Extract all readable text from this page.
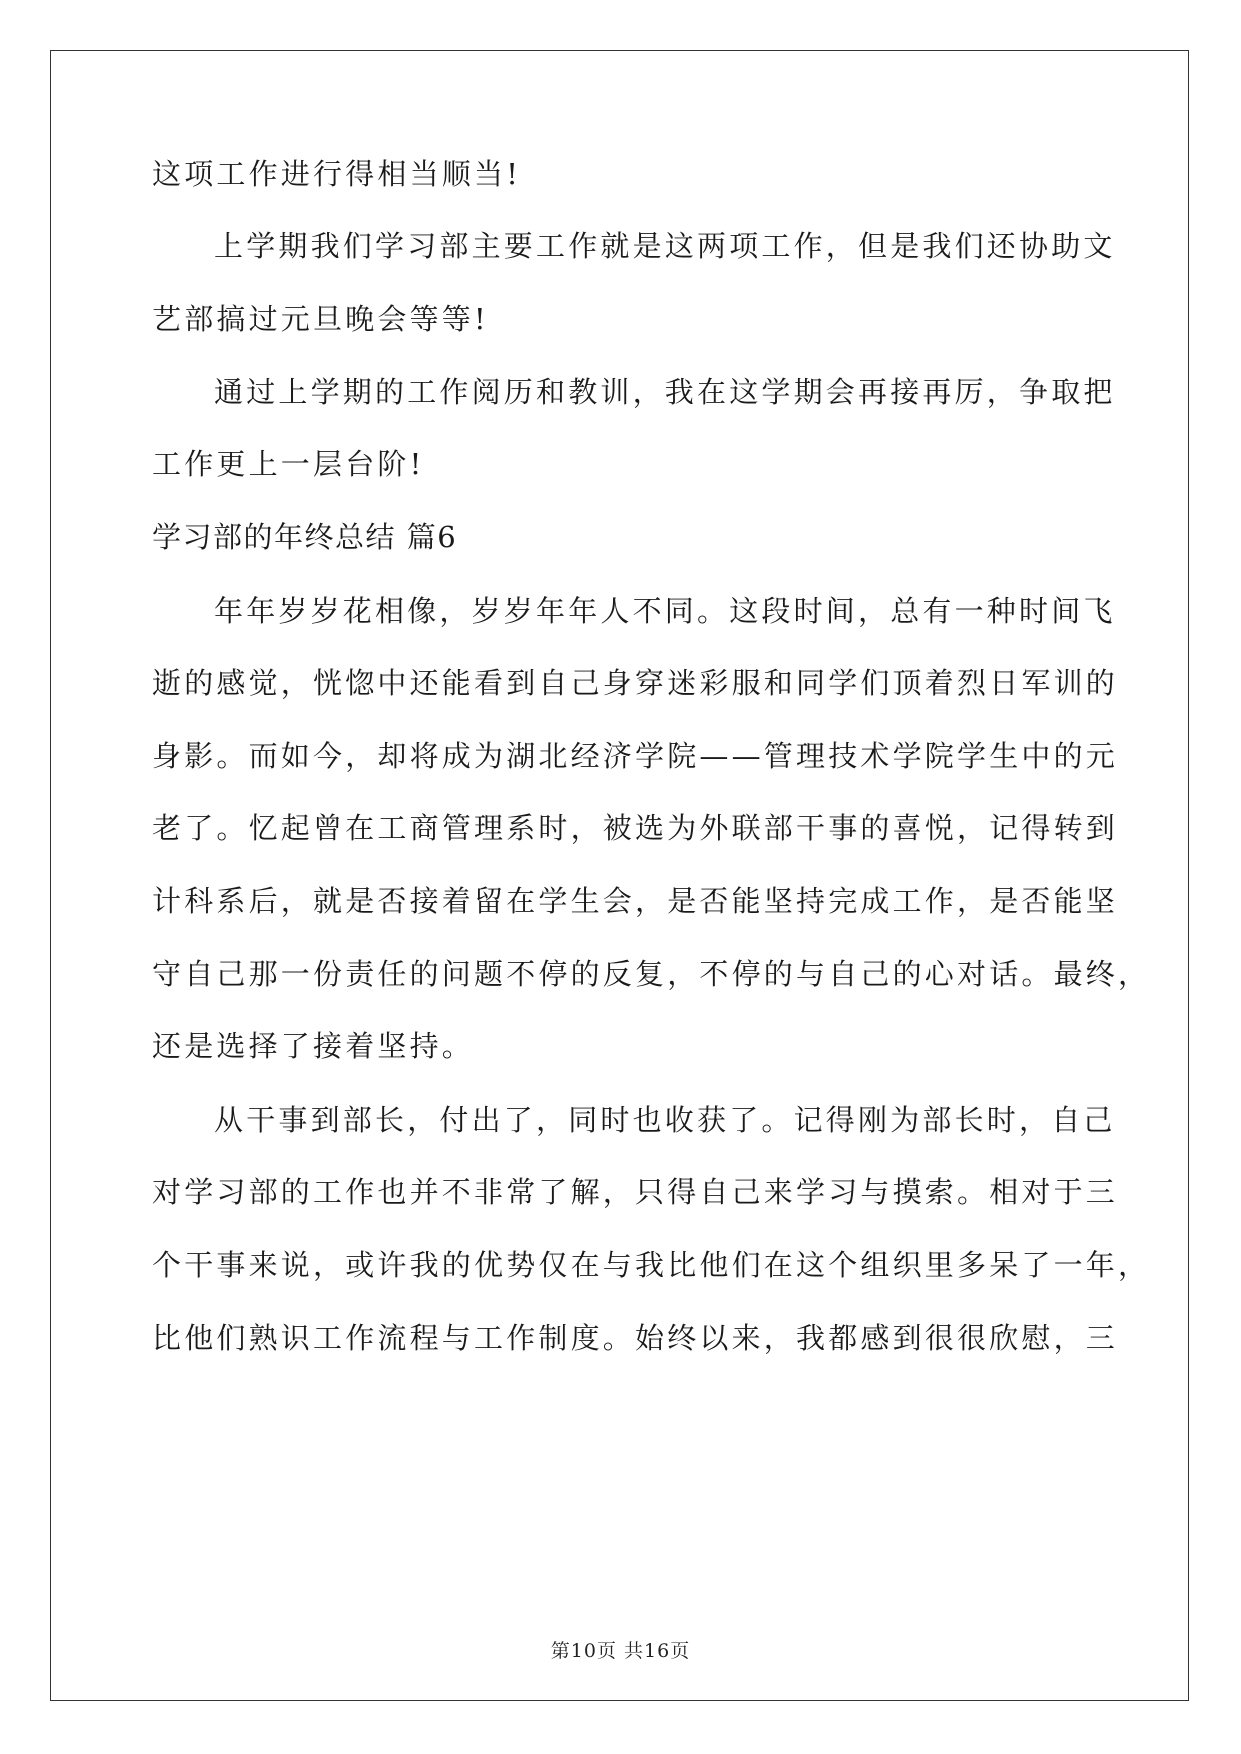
这项工作进行得相当顺当!
上学期我们学习部主要工作就是这两项工作，但是我们还协助文
艺部搞过元旦晚会等等!
通过上学期的工作阅历和教训，我在这学期会再接再厉，争取把
工作更上一层台阶!
学习部的年终总结 篇6
年年岁岁花相像，岁岁年年人不同。这段时间，总有一种时间飞
逝的感觉，恍惚中还能看到自己身穿迷彩服和同学们顶着烈日军训的
身影。而如今，却将成为湖北经济学院——管理技术学院学生中的元
老了。忆起曾在工商管理系时，被选为外联部干事的喜悦，记得转到
计科系后，就是否接着留在学生会，是否能坚持完成工作，是否能坚
守自己那一份责任的问题不停的反复，不停的与自己的心对话。最终，
还是选择了接着坚持。
从干事到部长，付出了，同时也收获了。记得刚为部长时，自己
对学习部的工作也并不非常了解，只得自己来学习与摸索。相对于三
个干事来说，或许我的优势仅在与我比他们在这个组织里多呆了一年，
比他们熟识工作流程与工作制度。始终以来，我都感到很很欣慰，三
第10页 共16页
